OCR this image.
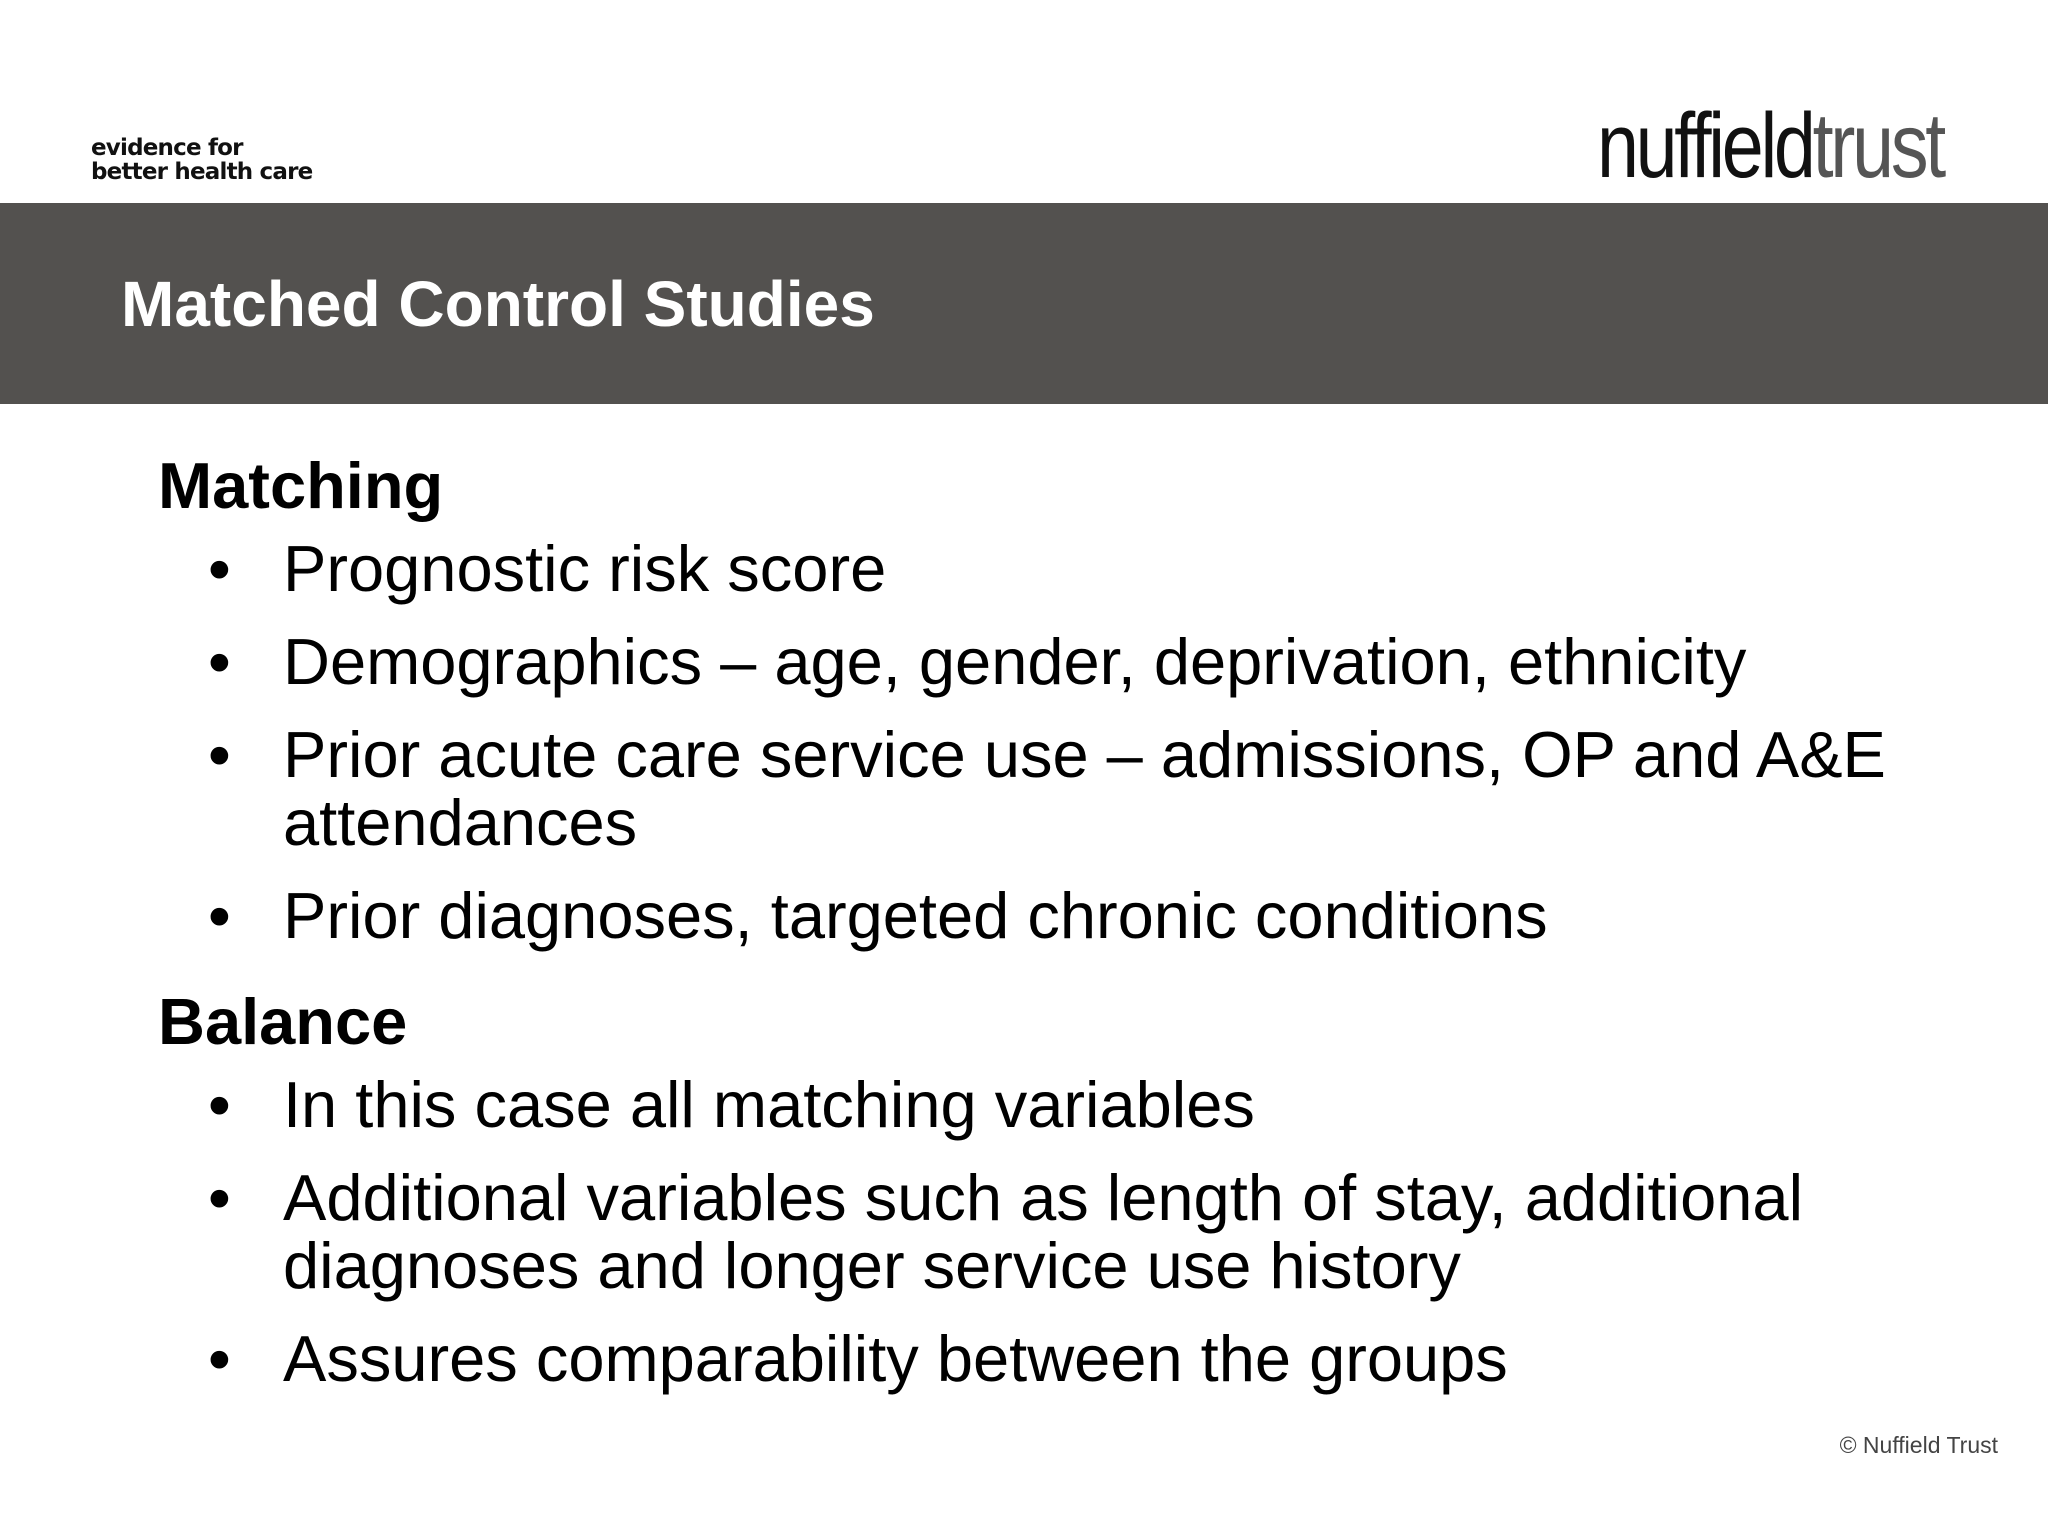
evidence for
better health care	nuffieldtrust
Matched Control Studies
Matching
• Prognostic risk score
• Demographics – age, gender, deprivation, ethnicity
• Prior acute care service use – admissions, OP and A&E attendances
• Prior diagnoses, targeted chronic conditions
Balance
• In this case all matching variables
• Additional variables such as length of stay, additional diagnoses and longer service use history
• Assures comparability between the groups
© Nuffield Trust
